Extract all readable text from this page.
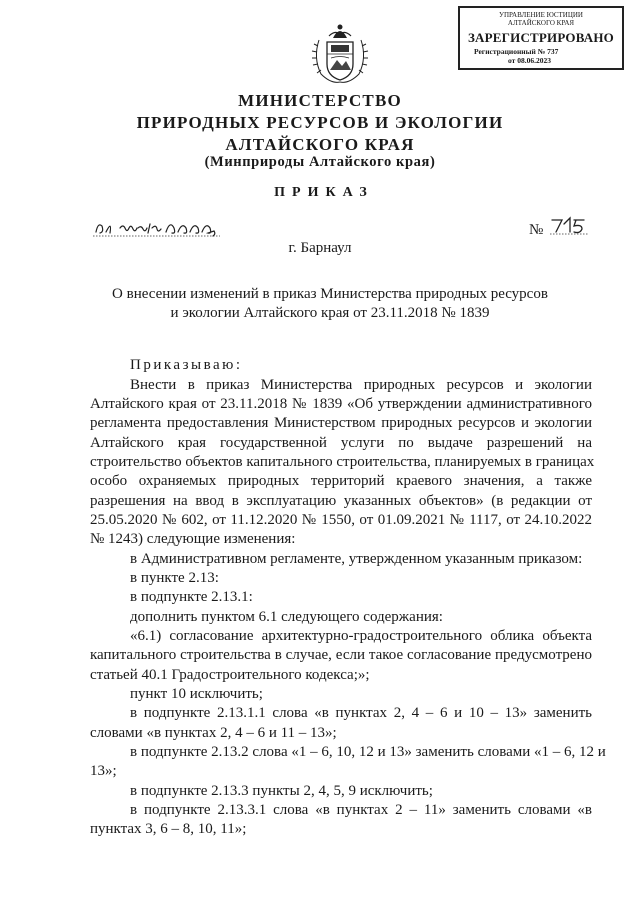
УПРАВЛЕНИЕ ЮСТИЦИИ
АЛТАЙСКОГО КРАЯ
ЗАРЕГИСТРИРОВАНО
Регистрационный № 737
от 08.06.2023
МИНИСТЕРСТВО
ПРИРОДНЫХ РЕСУРСОВ И ЭКОЛОГИИ
АЛТАЙСКОГО КРАЯ
(Минприроды Алтайского края)
ПРИКАЗ
№
г. Барнаул
О внесении изменений в приказ Министерства природных ресурсов
и экологии Алтайского края от 23.11.2018 № 1839
Приказываю:
Внести в приказ Министерства природных ресурсов и экологии
Алтайского края от 23.11.2018 № 1839 «Об утверждении административного
регламента предоставления Министерством природных ресурсов и экологии
Алтайского края государственной услуги по выдаче разрешений на
строительство объектов капитального строительства, планируемых в границах
особо охраняемых природных территорий краевого значения, а также
разрешения на ввод в эксплуатацию указанных объектов» (в редакции от
25.05.2020 № 602, от 11.12.2020 № 1550, от 01.09.2021 № 1117, от 24.10.2022
№ 1243) следующие изменения:
в Административном регламенте, утвержденном указанным приказом:
в пункте 2.13:
в подпункте 2.13.1:
дополнить пунктом 6.1 следующего содержания:
«6.1) согласование архитектурно-градостроительного облика объекта
капитального строительства в случае, если такое согласование предусмотрено
статьей 40.1 Градостроительного кодекса;»;
пункт 10 исключить;
в подпункте 2.13.1.1 слова «в пунктах 2, 4 – 6 и 10 – 13» заменить
словами «в пунктах 2, 4 – 6 и 11 – 13»;
в подпункте 2.13.2 слова «1 – 6, 10, 12 и 13» заменить словами «1 – 6, 12 и
13»;
в подпункте 2.13.3 пункты 2, 4, 5, 9 исключить;
в подпункте 2.13.3.1 слова «в пунктах 2 – 11» заменить словами «в
пунктах 3, 6 – 8, 10, 11»;
